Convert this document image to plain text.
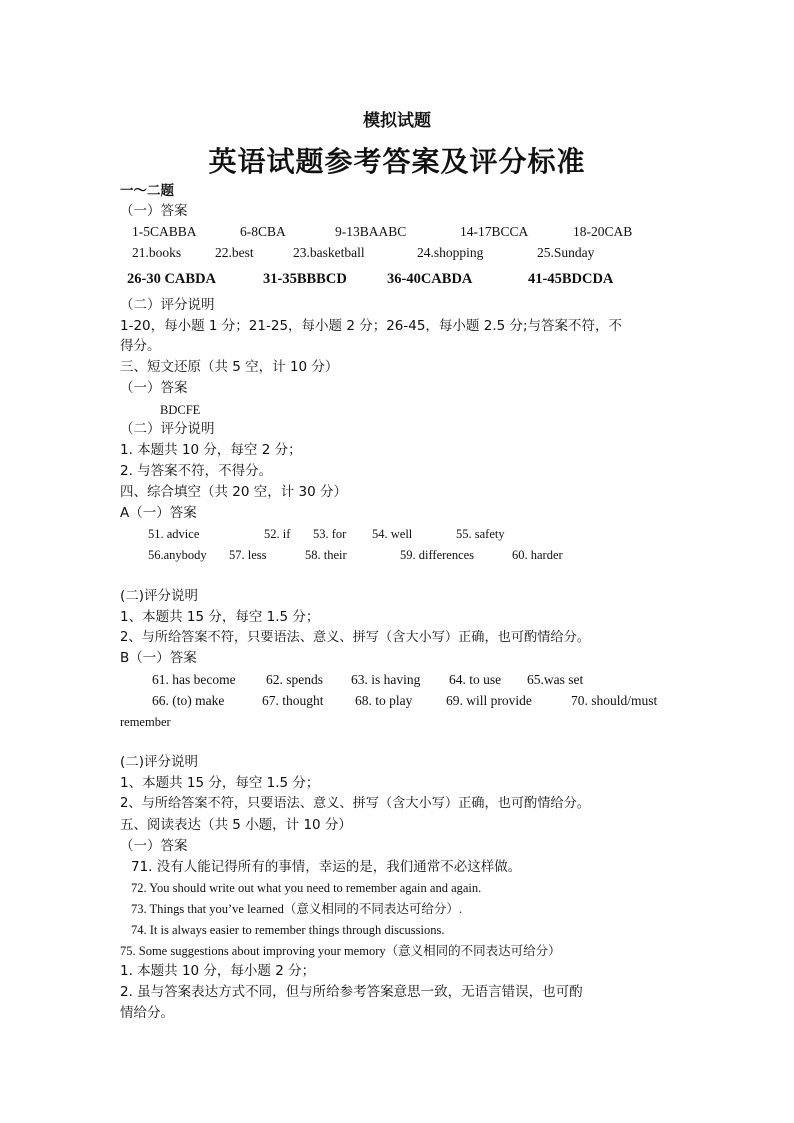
模拟试题
英语试题参考答案及评分标准
一～二题
（一）答案
1-5CABBA	6-8CBA	9-13BAABC	14-17BCCA	18-20CAB
21.books	22.best	23.basketball	24.shopping	25.Sunday
26-30 CABDA	31-35BBBCD	36-40CABDA	41-45BDCDA
（二）评分说明
1-20，每小题 1 分；21-25，每小题 2 分；26-45，每小题 2.5 分;与答案不符，不
得分。
三、短文还原（共 5 空，计 10 分）
（一）答案
BDCFE
（二）评分说明
1. 本题共 10 分，每空 2 分；
2. 与答案不符，不得分。
四、综合填空（共 20 空，计 30 分）
A（一）答案
51. advice	52. if 53. for 54. well	55. safety
56.anybody 57. less	58. their	59. differences	60. harder
(二)评分说明
1、本题共 15 分，每空 1.5 分；
2、与所给答案不符，只要语法、意义、拼写（含大小写）正确，也可酌情给分。
B（一）答案
61. has become 62. spends 63. is having 64. to use 65.was set
66. (to) make	67. thought 68. to play 69. will provide	70. should/must
remember
(二)评分说明
1、本题共 15 分，每空 1.5 分；
2、与所给答案不符，只要语法、意义、拼写（含大小写）正确，也可酌情给分。
五、阅读表达（共 5 小题，计 10 分）
（一）答案
71. 没有人能记得所有的事情，幸运的是，我们通常不必这样做。
72. You should write out what you need to remember again and again.
73. Things that you’ve learned（意义相同的不同表达可给分）.
74. It is always easier to remember things through discussions.
75. Some suggestions about improving your memory（意义相同的不同表达可给分）
1. 本题共 10 分，每小题 2 分；
2. 虽与答案表达方式不同，但与所给参考答案意思一致，无语言错误，也可酌
情给分。
